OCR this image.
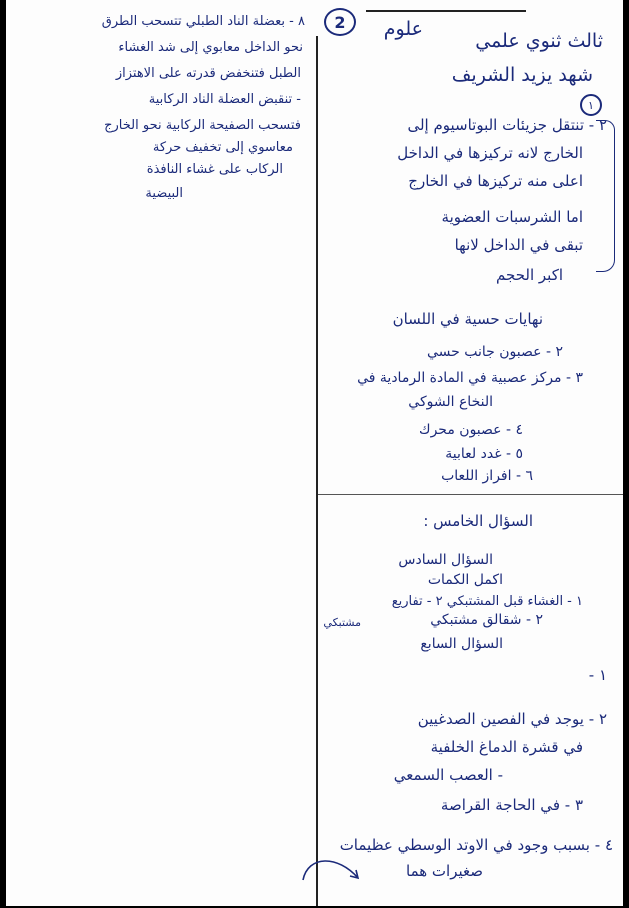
2	علوم
ثالث ثنوي علمي
شهد يزيد الشريف
٨ - بعضلة الناد الطبلي تتسحب الطرق
نحو الداخل معابوي إلى شد الغشاء
الطبل فتنخفض قدرته على الاهتزاز
- تنقبض العضلة الناد الركابية
فتسحب الصفيحة الركابية نحو الخارج
معاسوي إلى تخفيف حركة
الركاب على غشاء النافذة
البيضية
١
٢ - تنتقل جزيئات البوتاسيوم إلى
الخارج لانه تركيزها في الداخل
اعلى منه تركيزها في الخارج
اما الشرسبات العضوية
تبقى في الداخل لانها
اكبر الحجم
نهايات حسية في اللسان
٢ - عصبون جانب حسي
٣ - مركز عصبية في المادة الرمادية في
النخاع الشوكي
٤ - عصبون محرك
٥ - غدد لعابية
٦ - افراز اللعاب
السؤال الخامس :
السؤال السادس
اكمل الكمات
١ - الغشاء قبل المشتبكي ٢ - تفاريع
٢ - شقالق مشتبكي
مشتبكي
السؤال السابع
١ -
٢ - يوجد في الفصين الصدغيين
في قشرة الدماغ الخلفية
- العصب السمعي
٣ - في الحاجة القراصة
٤ - بسبب وجود في الاوتد الوسطي عظيمات
صغيرات هما
